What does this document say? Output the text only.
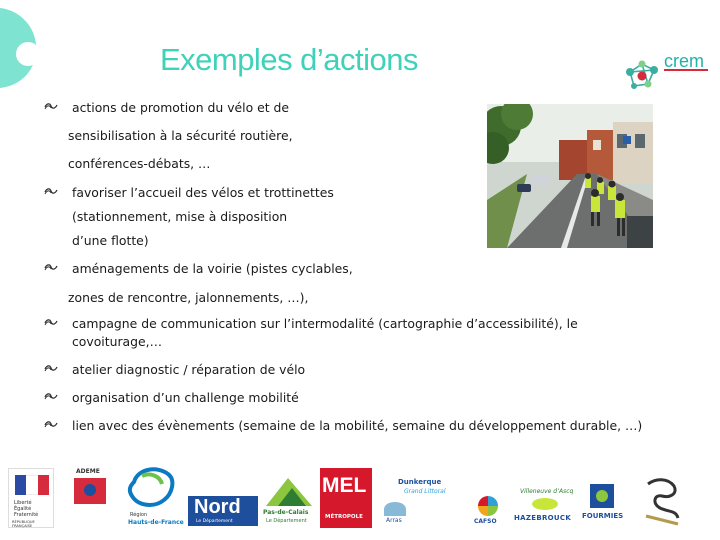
Exemples d’actions	crem
actions de promotion du vélo et de
sensibilisation à la sécurité routière,
conférences-débats, …
favoriser l’accueil des vélos et trottinettes
(stationnement, mise à disposition
d’une flotte)
aménagements de la voirie (pistes cyclables,
zones de rencontre, jalonnements, …),
campagne de communication sur l’intermodalité (cartographie d’accessibilité), le
covoiturage,…
atelier diagnostic / réparation de vélo
organisation d’un challenge mobilité
lien avec des évènements (semaine de la mobilité, semaine du développement durable, …)
Liberté
Égalité
Fraternité
RÉPUBLIQUE FRANÇAISE
ADEME
Région
Hauts-de-France
Nord
Le Département
Pas-de-Calais
Le Département
MEL
MÉTROPOLE	Arras
Dunkerque
Grand Littoral
CAFSO
Villeneuve d’Ascq
HAZEBROUCK FOURMIES
